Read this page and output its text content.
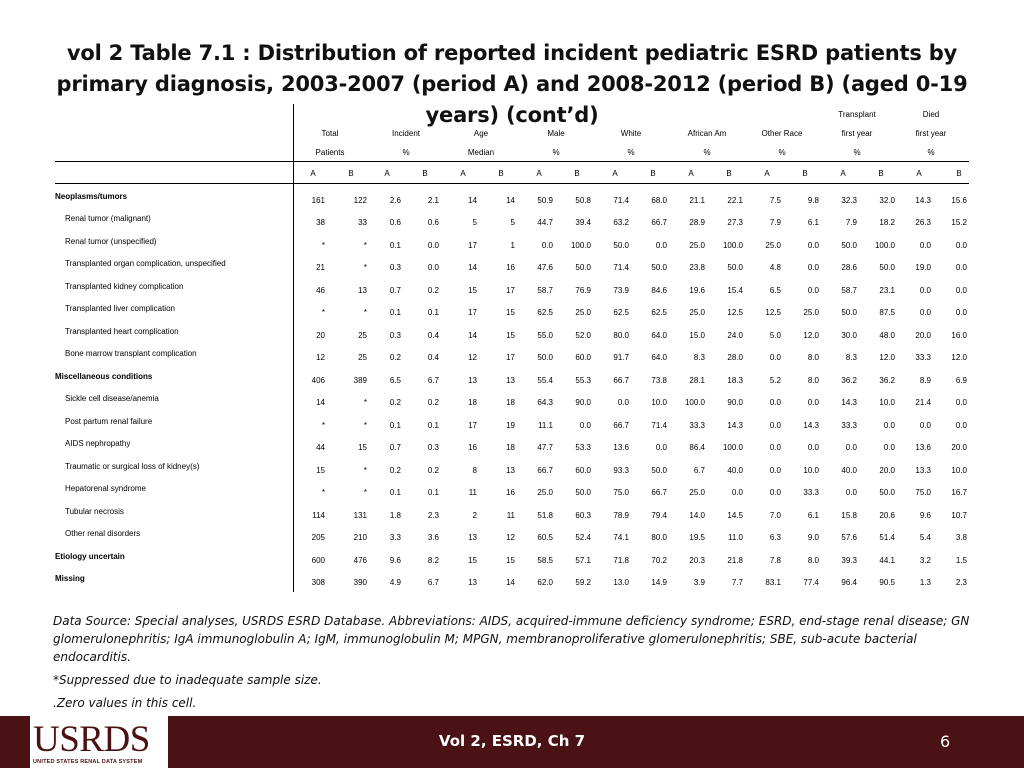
vol 2 Table 7.1 : Distribution of reported incident pediatric ESRD patients by primary diagnosis, 2003-2007 (period A) and 2008-2012 (period B) (aged 0-19 years) (cont’d)
Total
Patients
Incident
%
Age
Median
Male
%
White
%
African Am
%
Other Race
%
Transplant
first year
%
Died
first year
%
A	B	A	B	A	B	A	B	A	B	A	B	A	B	A	B	A	B
Neoplasms/tumors	161	122	2.6	2.1	14	14	50.9	50.8	71.4	68.0	21.1	22.1	7.5	9.8	32.3	32.0	14.3	15.6
Renal tumor (malignant)	38	33	0.6	0.6	5	5	44.7	39.4	63.2	66.7	28.9	27.3	7.9	6.1	7.9	18.2	26.3	15.2
Renal tumor (unspecified)	*	*	0.1	0.0	17	1	0.0	100.0	50.0	0.0	25.0	100.0	25.0	0.0	50.0	100.0	0.0	0.0
Transplanted organ complication, unspecified	21	*	0.3	0.0	14	16	47.6	50.0	71.4	50.0	23.8	50.0	4.8	0.0	28.6	50.0	19.0	0.0
Transplanted kidney complication	46	13	0.7	0.2	15	17	58.7	76.9	73.9	84.6	19.6	15.4	6.5	0.0	58.7	23.1	0.0	0.0
Transplanted liver complication	*	*	0.1	0.1	17	15	62.5	25.0	62.5	62.5	25.0	12.5	12.5	25.0	50.0	87.5	0.0	0.0
Transplanted heart complication	20	25	0.3	0.4	14	15	55.0	52.0	80.0	64.0	15.0	24.0	5.0	12.0	30.0	48.0	20.0	16.0
Bone marrow transplant complication	12	25	0.2	0.4	12	17	50.0	60.0	91.7	64.0	8.3	28.0	0.0	8.0	8.3	12.0	33.3	12.0
Miscellaneous conditions	406	389	6.5	6.7	13	13	55.4	55.3	66.7	73.8	28.1	18.3	5.2	8.0	36.2	36.2	8.9	6.9
Sickle cell disease/anemia	14	*	0.2	0.2	18	18	64.3	90.0	0.0	10.0	100.0	90.0	0.0	0.0	14.3	10.0	21.4	0.0
Post partum renal failure	*	*	0.1	0.1	17	19	11.1	0.0	66.7	71.4	33.3	14.3	0.0	14.3	33.3	0.0	0.0	0.0
AIDS nephropathy	44	15	0.7	0.3	16	18	47.7	53.3	13.6	0.0	86.4	100.0	0.0	0.0	0.0	0.0	13.6	20.0
Traumatic or surgical loss of kidney(s)	15	*	0.2	0.2	8	13	66.7	60.0	93.3	50.0	6.7	40.0	0.0	10.0	40.0	20.0	13.3	10.0
Hepatorenal syndrome	*	*	0.1	0.1	11	16	25.0	50.0	75.0	66.7	25.0	0.0	0.0	33.3	0.0	50.0	75.0	16.7
Tubular necrosis	114	131	1.8	2.3	2	11	51.8	60.3	78.9	79.4	14.0	14.5	7.0	6.1	15.8	20.6	9.6	10.7
Other renal disorders	205	210	3.3	3.6	13	12	60.5	52.4	74.1	80.0	19.5	11.0	6.3	9.0	57.6	51.4	5.4	3.8
Etiology uncertain	600	476	9.6	8.2	15	15	58.5	57.1	71.8	70.2	20.3	21.8	7.8	8.0	39.3	44.1	3.2	1.5
Missing	308	390	4.9	6.7	13	14	62.0	59.2	13.0	14.9	3.9	7.7	83.1	77.4	96.4	90.5	1.3	2.3

Data Source: Special analyses, USRDS ESRD Database. Abbreviations: AIDS, acquired-immune deficiency syndrome; ESRD, end-stage renal disease; GN glomerulonephritis; IgA immunoglobulin A; IgM, immunoglobulin M; MPGN, membranoproliferative glomerulonephritis; SBE, sub-acute bacterial endocarditis.

*Suppressed due to inadequate sample size.

.Zero values in this cell.

USRDS
UNITED STATES RENAL DATA SYSTEM
Vol 2, ESRD, Ch 7	6
